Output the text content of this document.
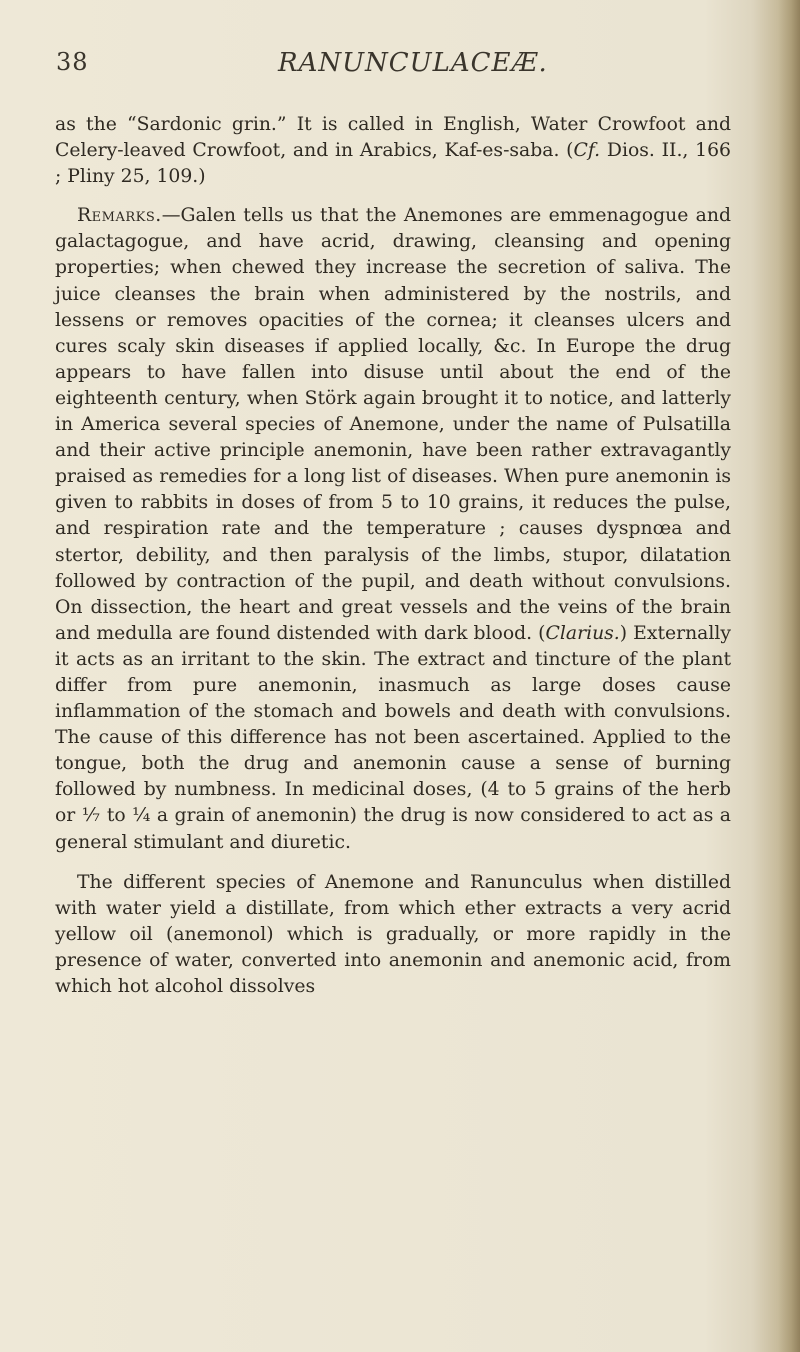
38	RANUNCULACEÆ.

as the “Sardonic grin.” It is called in English, Water Crowfoot and Celery-leaved Crowfoot, and in Arabics, Kaf-es-saba. (Cf. Dios. II., 166 ; Pliny 25, 109.)

Remarks.—Galen tells us that the Anemones are emmenagogue and galactagogue, and have acrid, drawing, cleansing and opening properties; when chewed they increase the secretion of saliva. The juice cleanses the brain when administered by the nostrils, and lessens or removes opacities of the cornea; it cleanses ulcers and cures scaly skin diseases if applied locally, &c. In Europe the drug appears to have fallen into disuse until about the end of the eighteenth century, when Störk again brought it to notice, and latterly in America several species of Anemone, under the name of Pulsatilla and their active principle anemonin, have been rather extravagantly praised as remedies for a long list of diseases. When pure anemonin is given to rabbits in doses of from 5 to 10 grains, it reduces the pulse, and respiration rate and the temperature ; causes dyspnœa and stertor, debility, and then paralysis of the limbs, stupor, dilatation followed by contraction of the pupil, and death without convulsions. On dissection, the heart and great vessels and the veins of the brain and medulla are found distended with dark blood. (Clarius.) Externally it acts as an irritant to the skin. The extract and tincture of the plant differ from pure anemonin, inasmuch as large doses cause inflammation of the stomach and bowels and death with convulsions. The cause of this difference has not been ascertained. Applied to the tongue, both the drug and anemonin cause a sense of burning followed by numbness. In medicinal doses, (4 to 5 grains of the herb or ⅐ to ¼ a grain of anemonin) the drug is now considered to act as a general stimulant and diuretic.

The different species of Anemone and Ranunculus when distilled with water yield a distillate, from which ether extracts a very acrid yellow oil (anemonol) which is gradually, or more rapidly in the presence of water, converted into anemonin and anemonic acid, from which hot alcohol dissolves
